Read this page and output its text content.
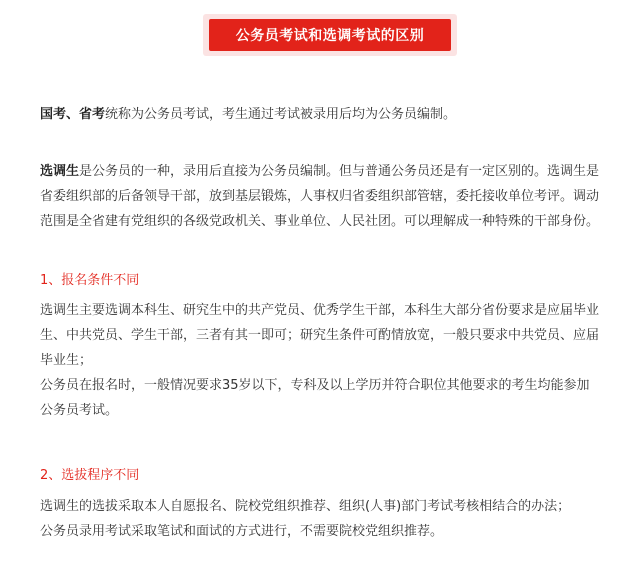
公务员考试和选调考试的区别
国考、省考统称为公务员考试，考生通过考试被录用后均为公务员编制。
选调生是公务员的一种，录用后直接为公务员编制。但与普通公务员还是有一定区别的。选调生是
省委组织部的后备领导干部，放到基层锻炼，人事权归省委组织部管辖，委托接收单位考评。调动
范围是全省建有党组织的各级党政机关、事业单位、人民社团。可以理解成一种特殊的干部身份。
1、报名条件不同
选调生主要选调本科生、研究生中的共产党员、优秀学生干部，本科生大部分省份要求是应届毕业
生、中共党员、学生干部，三者有其一即可；研究生条件可酌情放宽，一般只要求中共党员、应届
毕业生；
公务员在报名时，一般情况要求35岁以下，专科及以上学历并符合职位其他要求的考生均能参加
公务员考试。
2、选拔程序不同
选调生的选拔采取本人自愿报名、院校党组织推荐、组织(人事)部门考试考核相结合的办法；
公务员录用考试采取笔试和面试的方式进行，不需要院校党组织推荐。
